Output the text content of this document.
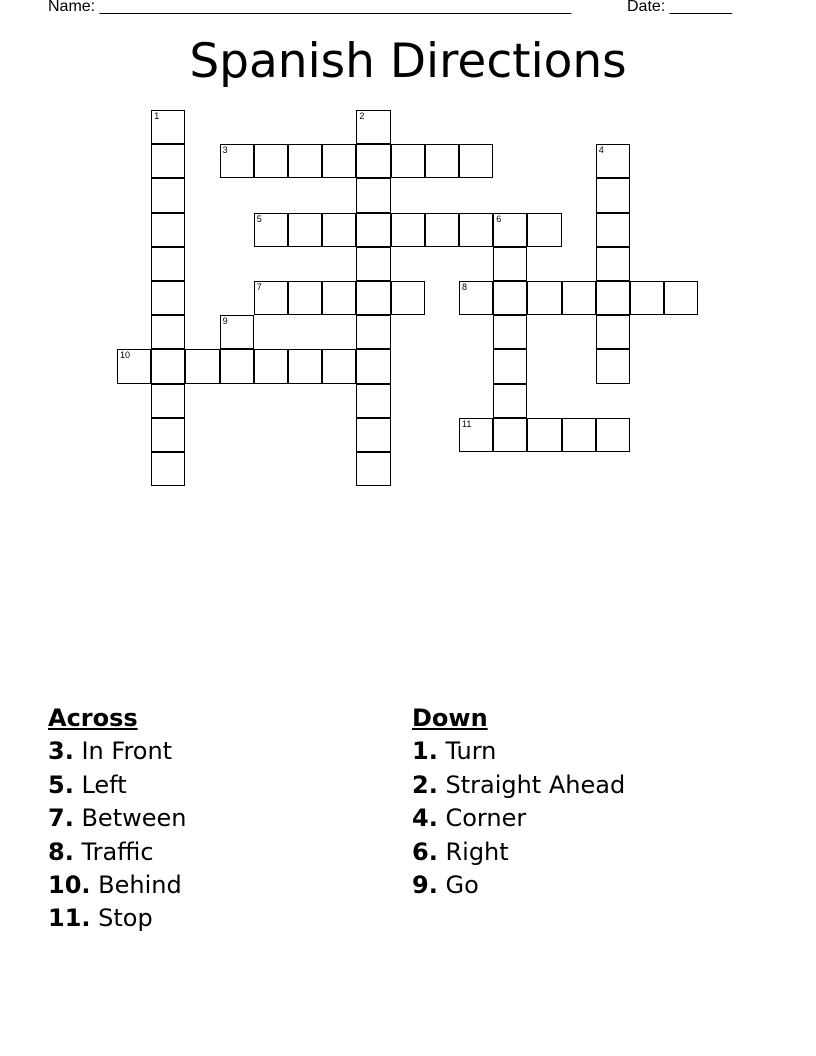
Name: _____________________________________________________	Date: _______
Spanish Directions
1	2
3	4
5	6
7	8
9
10
11
Across
3. In Front
5. Left
7. Between
8. Traffic
10. Behind
11. Stop
Down
1. Turn
2. Straight Ahead
4. Corner
6. Right
9. Go
